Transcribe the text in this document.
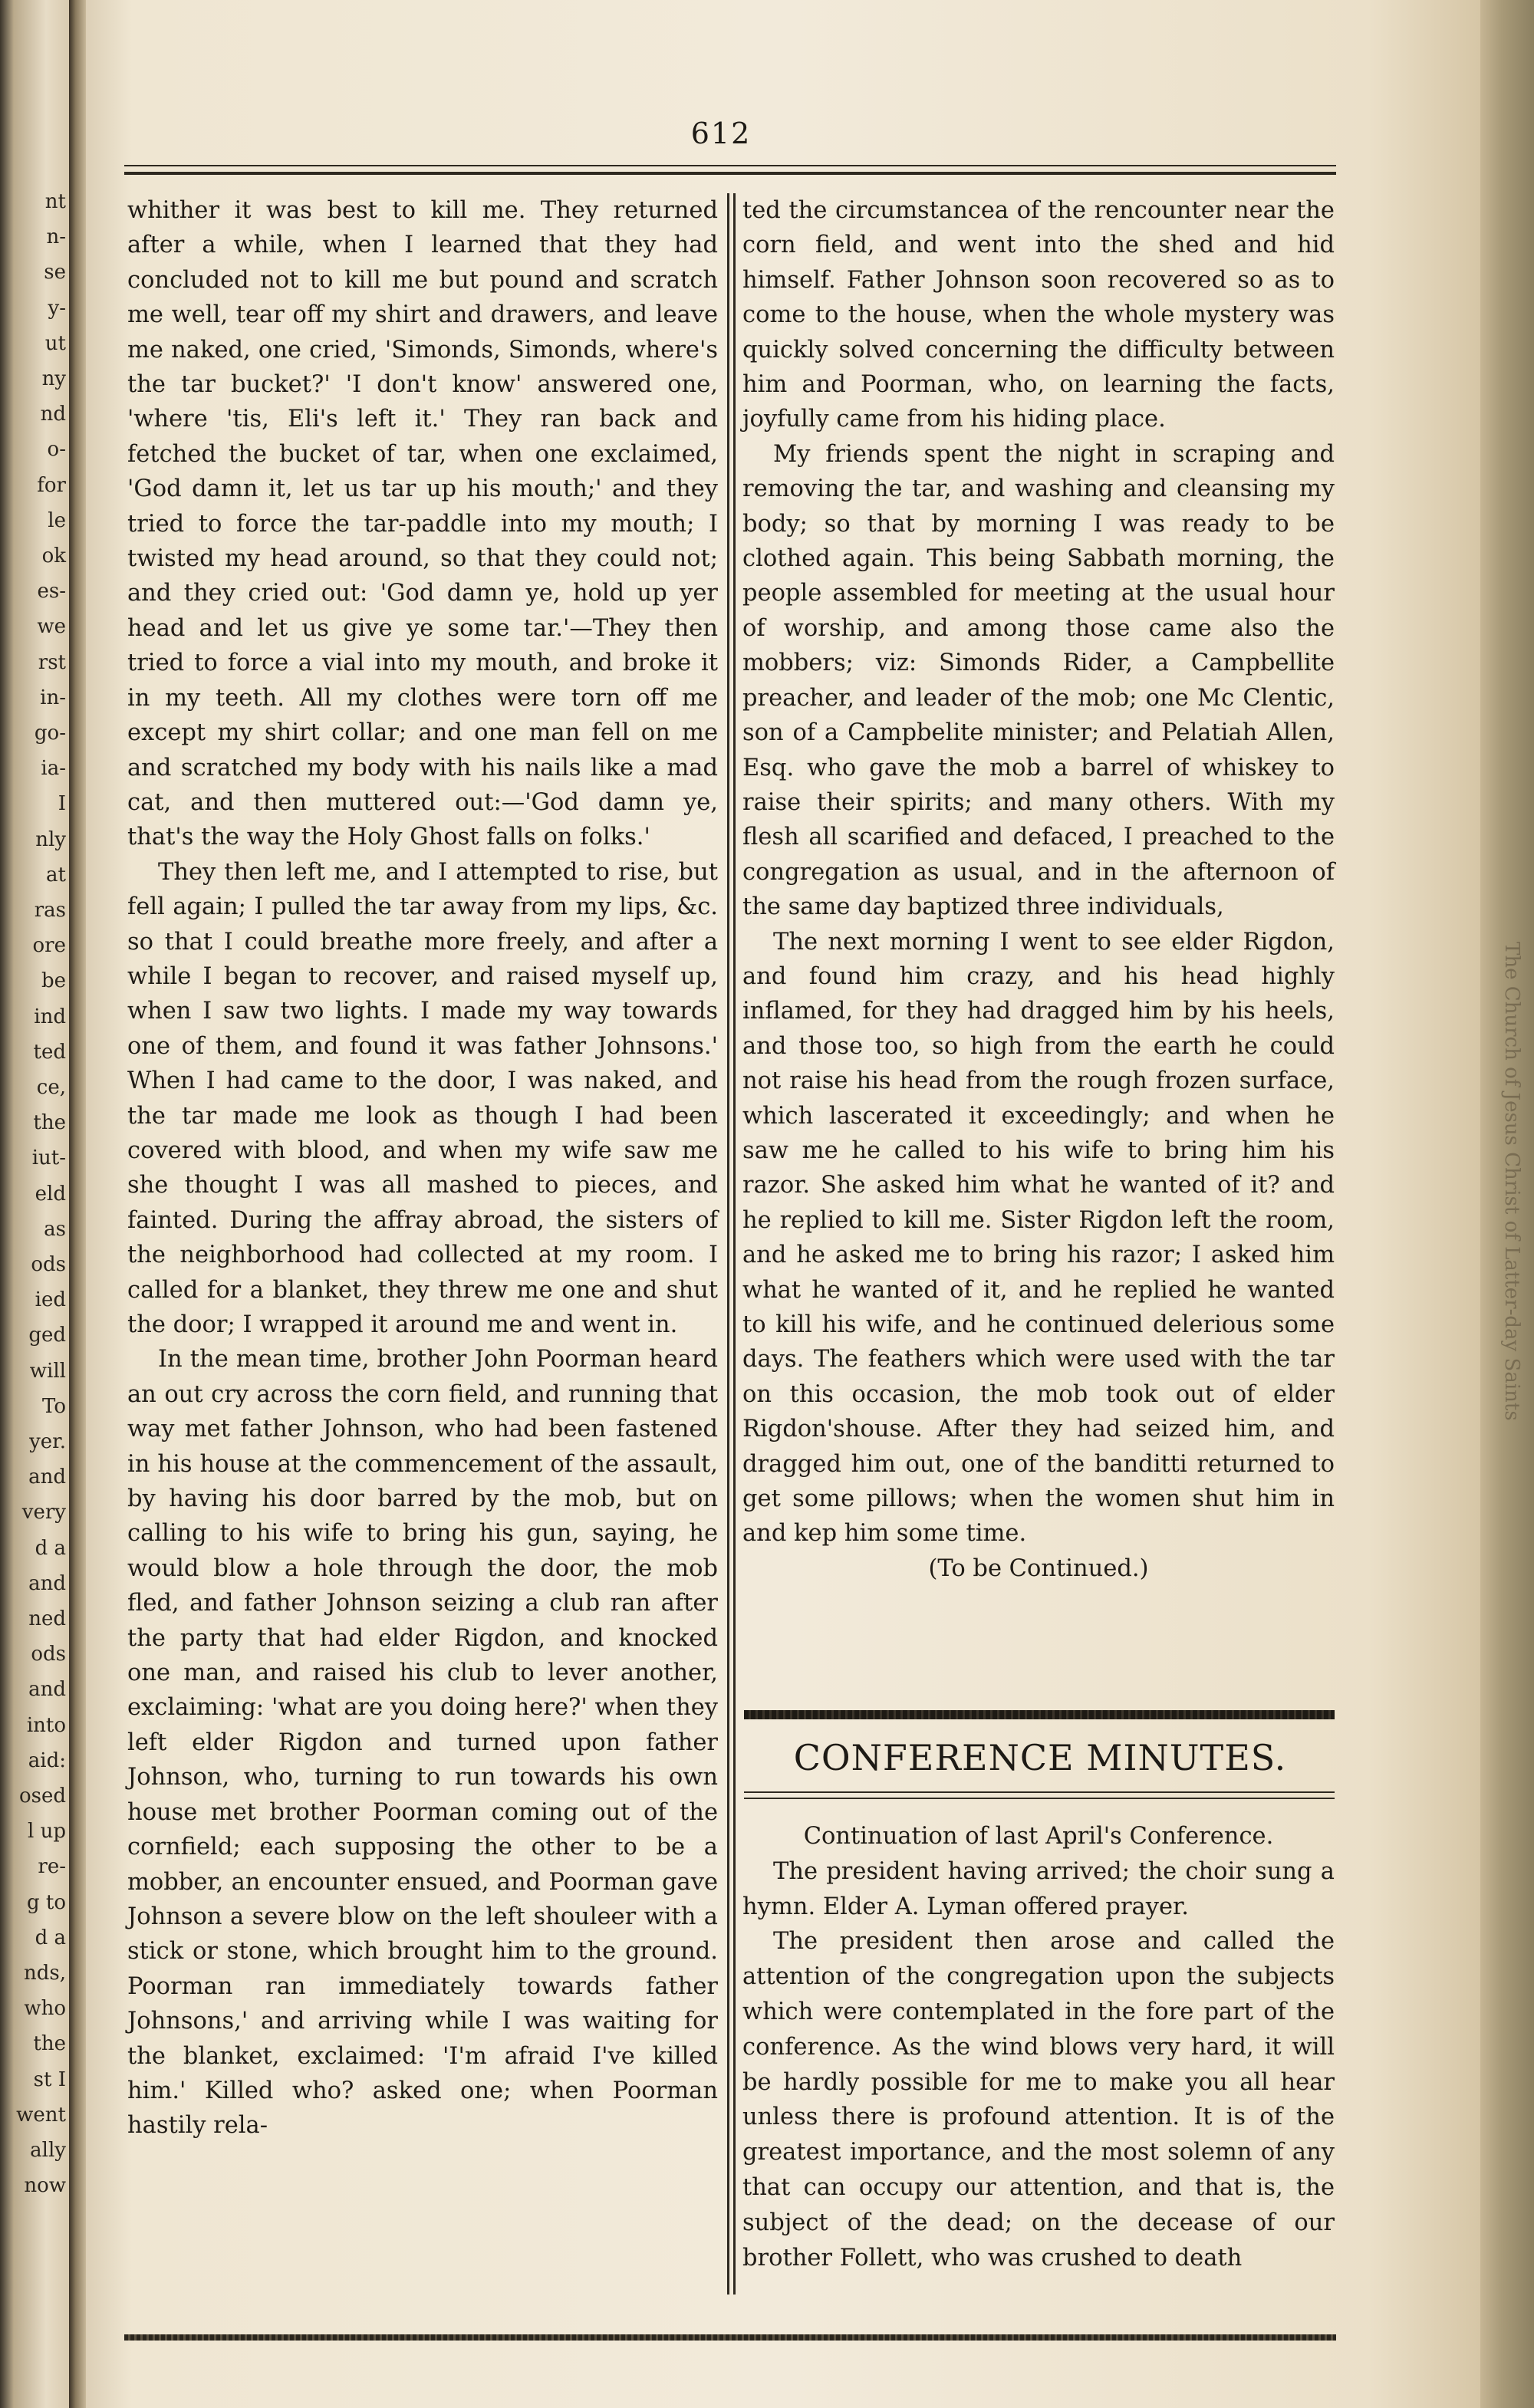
nt
n-
se
y-
ut
ny
nd
o-
for
le
ok
es-
we
rst
in-
go-
ia-
I
nly
at
ras
ore
be
ind
ted
ce,
the
iut-
eld
as
ods
ied
ged
will
To
yer.
and
very
d a
and
ned
ods
and
into
aid:
osed
l up
re-
g to
d a
nds,
who
the
st I
went
ally
now
The Church of Jesus Christ of Latter-day Saints
612

whither it was best to kill me. They returned after a while, when I learned that they had concluded not to kill me but pound and scratch me well, tear off my shirt and drawers, and leave me naked, one cried, 'Simonds, Simonds, where's the tar bucket?' 'I don't know' answered one, 'where 'tis, Eli's left it.' They ran back and fetched the bucket of tar, when one exclaimed, 'God damn it, let us tar up his mouth;' and they tried to force the tar-paddle into my mouth; I twisted my head around, so that they could not; and they cried out: 'God damn ye, hold up yer head and let us give ye some tar.'—They then tried to force a vial into my mouth, and broke it in my teeth. All my clothes were torn off me except my shirt collar; and one man fell on me and scratched my body with his nails like a mad cat, and then muttered out:—'God damn ye, that's the way the Holy Ghost falls on folks.'

They then left me, and I attempted to rise, but fell again; I pulled the tar away from my lips, &c. so that I could breathe more freely, and after a while I began to recover, and raised myself up, when I saw two lights. I made my way towards one of them, and found it was father Johnsons.' When I had came to the door, I was naked, and the tar made me look as though I had been covered with blood, and when my wife saw me she thought I was all mashed to pieces, and fainted. During the affray abroad, the sisters of the neighborhood had collected at my room. I called for a blanket, they threw me one and shut the door; I wrapped it around me and went in.

In the mean time, brother John Poorman heard an out cry across the corn field, and running that way met father Johnson, who had been fastened in his house at the commencement of the assault, by having his door barred by the mob, but on calling to his wife to bring his gun, saying, he would blow a hole through the door, the mob fled, and father Johnson seizing a club ran after the party that had elder Rigdon, and knocked one man, and raised his club to lever another, exclaiming: 'what are you doing here?' when they left elder Rigdon and turned upon father Johnson, who, turning to run towards his own house met brother Poorman coming out of the cornfield; each supposing the other to be a mobber, an encounter ensued, and Poorman gave Johnson a severe blow on the left shouleer with a stick or stone, which brought him to the ground. Poorman ran immediately towards father Johnsons,' and arriving while I was waiting for the blanket, exclaimed: 'I'm afraid I've killed him.' Killed who? asked one; when Poorman hastily rela-

ted the circumstancea of the rencounter near the corn field, and went into the shed and hid himself. Father Johnson soon recovered so as to come to the house, when the whole mystery was quickly solved concerning the difficulty between him and Poorman, who, on learning the facts, joyfully came from his hiding place.

My friends spent the night in scraping and removing the tar, and washing and cleansing my body; so that by morning I was ready to be clothed again. This being Sabbath morning, the people assembled for meeting at the usual hour of worship, and among those came also the mobbers; viz: Simonds Rider, a Campbellite preacher, and leader of the mob; one Mc Clentic, son of a Campbelite minister; and Pelatiah Allen, Esq. who gave the mob a barrel of whiskey to raise their spirits; and many others. With my flesh all scarified and defaced, I preached to the congregation as usual, and in the afternoon of the same day baptized three individuals,

The next morning I went to see elder Rigdon, and found him crazy, and his head highly inflamed, for they had dragged him by his heels, and those too, so high from the earth he could not raise his head from the rough frozen surface, which lascerated it exceedingly; and when he saw me he called to his wife to bring him his razor. She asked him what he wanted of it? and he replied to kill me. Sister Rigdon left the room, and he asked me to bring his razor; I asked him what he wanted of it, and he replied he wanted to kill his wife, and he continued delerious some days. The feathers which were used with the tar on this occasion, the mob took out of elder Rigdon'shouse. After they had seized him, and dragged him out, one of the banditti returned to get some pillows; when the women shut him in and kep him some time.

(To be Continued.)

CONFERENCE MINUTES.

Continuation of last April's Conference.

The president having arrived; the choir sung a hymn. Elder A. Lyman offered prayer.

The president then arose and called the attention of the congregation upon the subjects which were contemplated in the fore part of the conference. As the wind blows very hard, it will be hardly possible for me to make you all hear unless there is profound attention. It is of the greatest importance, and the most solemn of any that can occupy our attention, and that is, the subject of the dead; on the decease of our brother Follett, who was crushed to death
